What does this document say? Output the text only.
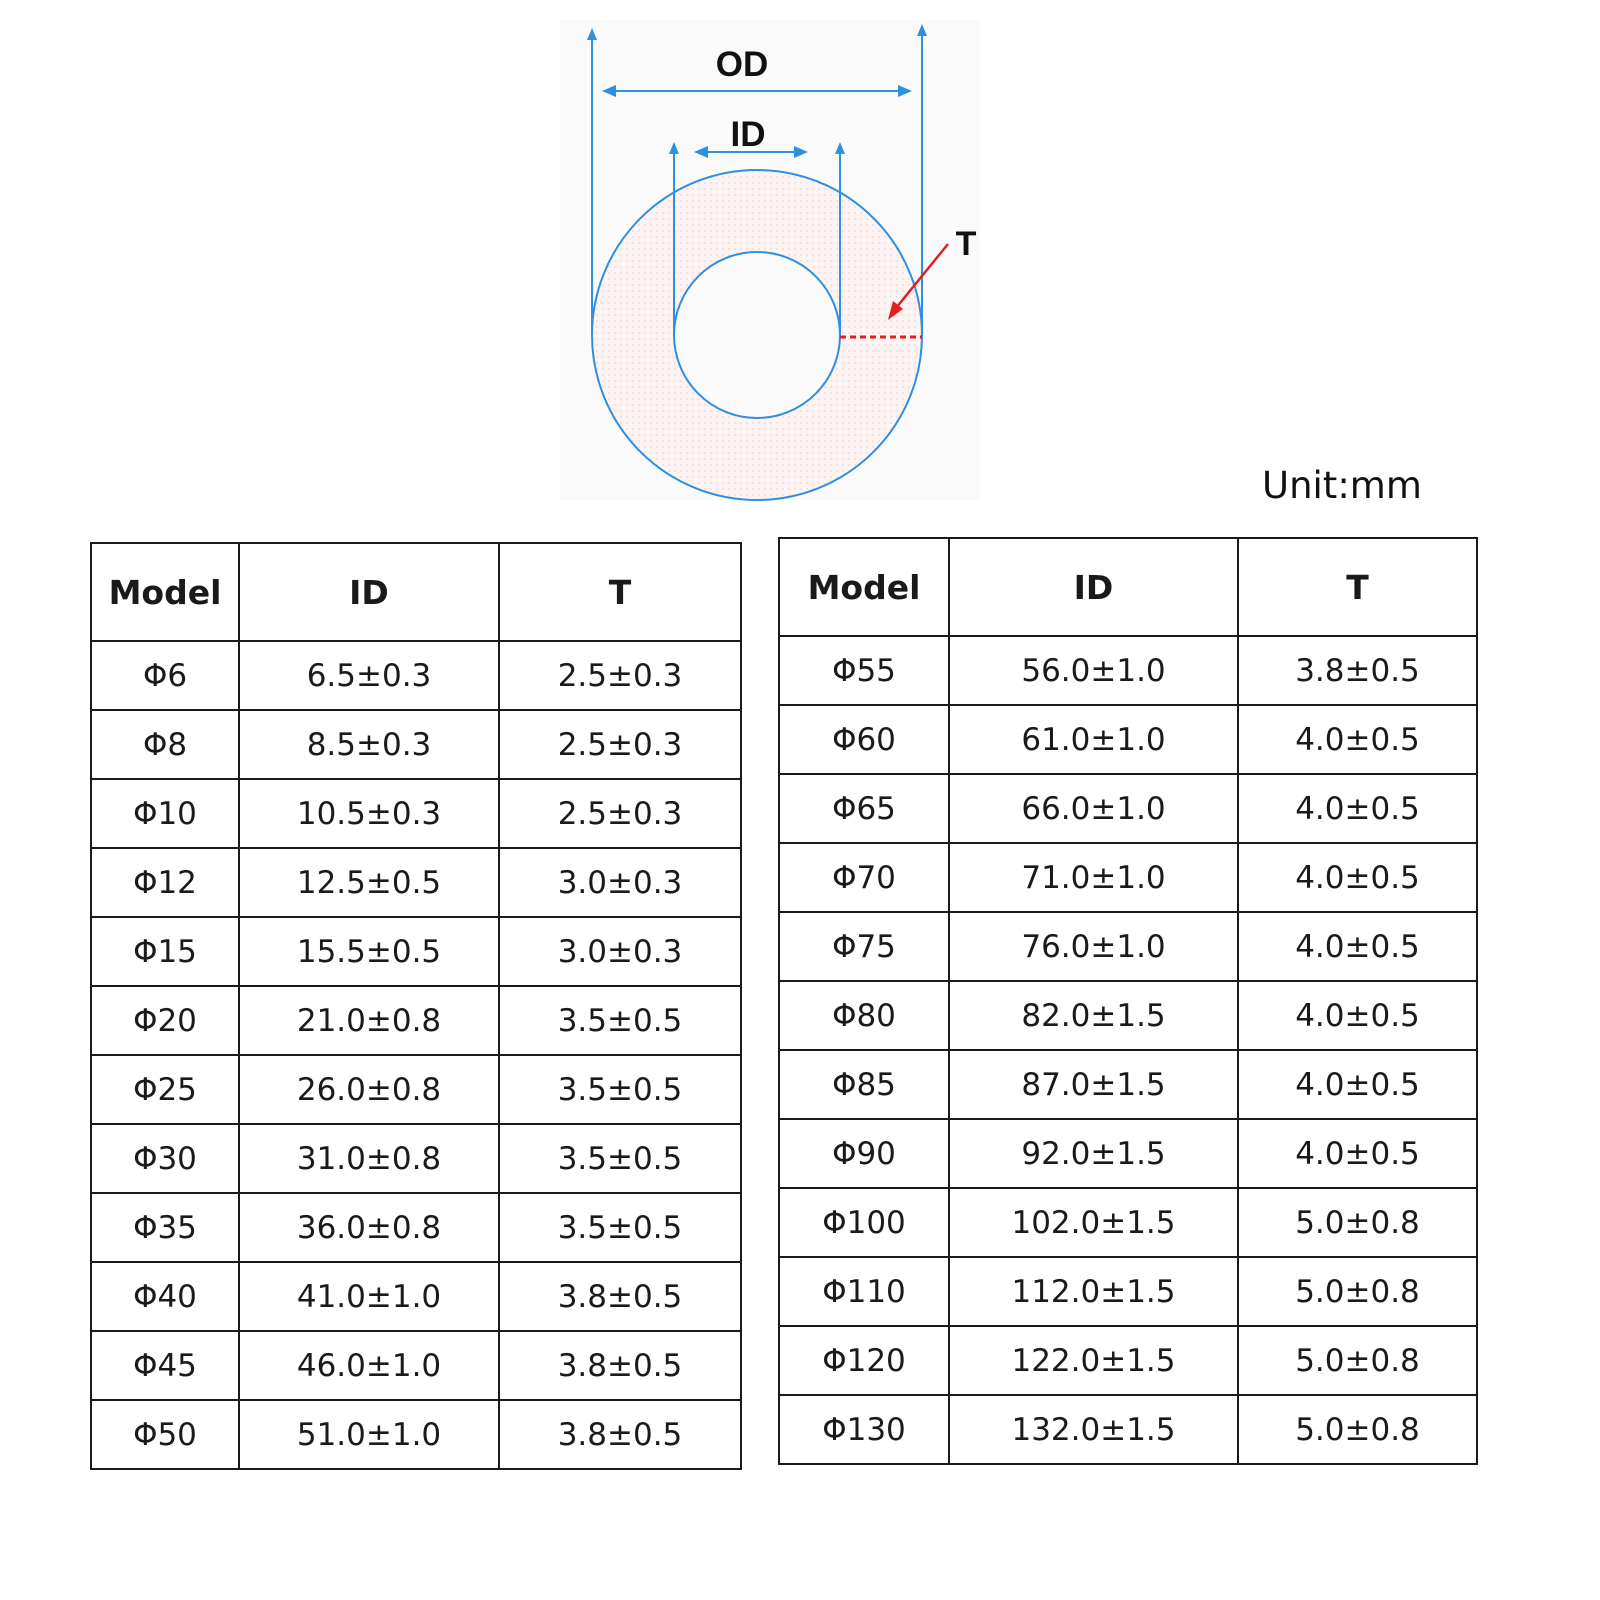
OD
ID
T
Unit:mm
Model	ID	T
Φ6	6.5±0.3	2.5±0.3
Φ8	8.5±0.3	2.5±0.3
Φ10	10.5±0.3	2.5±0.3
Φ12	12.5±0.5	3.0±0.3
Φ15	15.5±0.5	3.0±0.3
Φ20	21.0±0.8	3.5±0.5
Φ25	26.0±0.8	3.5±0.5
Φ30	31.0±0.8	3.5±0.5
Φ35	36.0±0.8	3.5±0.5
Φ40	41.0±1.0	3.8±0.5
Φ45	46.0±1.0	3.8±0.5
Φ50	51.0±1.0	3.8±0.5
Model	ID	T
Φ55	56.0±1.0	3.8±0.5
Φ60	61.0±1.0	4.0±0.5
Φ65	66.0±1.0	4.0±0.5
Φ70	71.0±1.0	4.0±0.5
Φ75	76.0±1.0	4.0±0.5
Φ80	82.0±1.5	4.0±0.5
Φ85	87.0±1.5	4.0±0.5
Φ90	92.0±1.5	4.0±0.5
Φ100	102.0±1.5	5.0±0.8
Φ110	112.0±1.5	5.0±0.8
Φ120	122.0±1.5	5.0±0.8
Φ130	132.0±1.5	5.0±0.8
